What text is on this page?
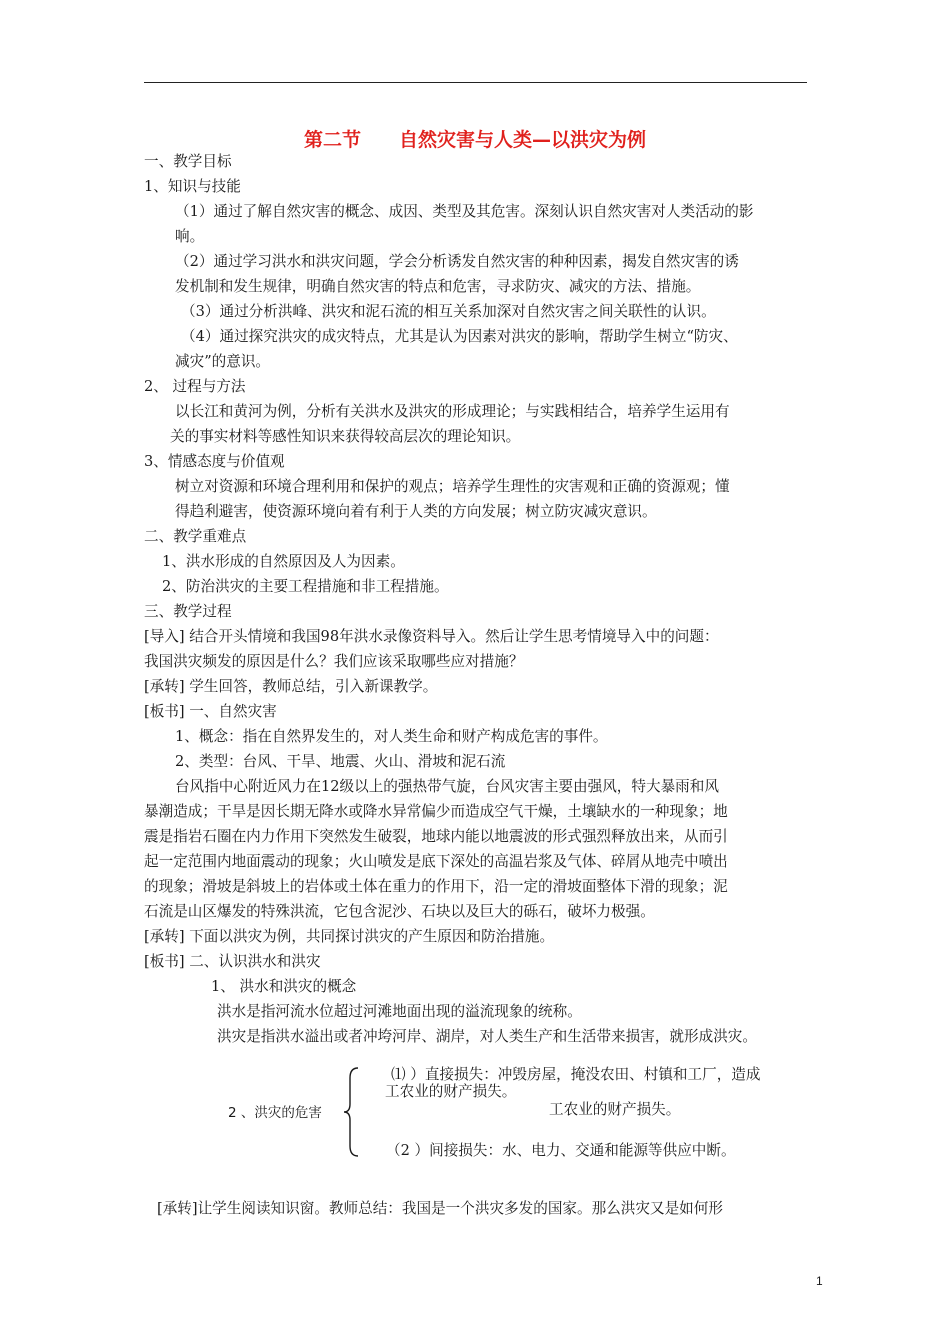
第二节　　自然灾害与人类—以洪灾为例
一、教学目标
1、知识与技能
（1）通过了解自然灾害的概念、成因、类型及其危害。深刻认识自然灾害对人类活动的影
响。
（2）通过学习洪水和洪灾问题，学会分析诱发自然灾害的种种因素，揭发自然灾害的诱
发机制和发生规律，明确自然灾害的特点和危害，寻求防灾、减灾的方法、措施。
（3）通过分析洪峰、洪灾和泥石流的相互关系加深对自然灾害之间关联性的认识。
（4）通过探究洪灾的成灾特点，尤其是认为因素对洪灾的影响，帮助学生树立“防灾、
减灾”的意识。
2、 过程与方法
以长江和黄河为例，分析有关洪水及洪灾的形成理论；与实践相结合，培养学生运用有
关的事实材料等感性知识来获得较高层次的理论知识。
3、情感态度与价值观
树立对资源和环境合理利用和保护的观点；培养学生理性的灾害观和正确的资源观；懂
得趋利避害，使资源环境向着有利于人类的方向发展；树立防灾减灾意识。
二、教学重难点
1、洪水形成的自然原因及人为因素。
2、防治洪灾的主要工程措施和非工程措施。
三、教学过程
[导入] 结合开头情境和我国98年洪水录像资料导入。然后让学生思考情境导入中的问题：
我国洪灾频发的原因是什么？我们应该采取哪些应对措施？
[承转] 学生回答，教师总结，引入新课教学。
[板书] 一、自然灾害
1、概念：指在自然界发生的，对人类生命和财产构成危害的事件。
2、类型：台风、干旱、地震、火山、滑坡和泥石流
台风指中心附近风力在12级以上的强热带气旋，台风灾害主要由强风，特大暴雨和风
暴潮造成；干旱是因长期无降水或降水异常偏少而造成空气干燥，土壤缺水的一种现象；地
震是指岩石圈在内力作用下突然发生破裂，地球内能以地震波的形式强烈释放出来，从而引
起一定范围内地面震动的现象；火山喷发是底下深处的高温岩浆及气体、碎屑从地壳中喷出
的现象；滑坡是斜坡上的岩体或土体在重力的作用下，沿一定的滑坡面整体下滑的现象；泥
石流是山区爆发的特殊洪流，它包含泥沙、石块以及巨大的砾石，破坏力极强。
[承转] 下面以洪灾为例，共同探讨洪灾的产生原因和防治措施。
[板书] 二、认识洪水和洪灾
1、 洪水和洪灾的概念
洪水是指河流水位超过河滩地面出现的溢流现象的统称。
洪灾是指洪水溢出或者冲垮河岸、湖岸，对人类生产和生活带来损害，就形成洪灾。
2 、洪灾的危害
⑴ ）直接损失：冲毁房屋，掩没农田、村镇和工厂，造成
工农业的财产损失。
工农业的财产损失。
（2 ）间接损失：水、电力、交通和能源等供应中断。
[承转]让学生阅读知识窗。教师总结：我国是一个洪灾多发的国家。那么洪灾又是如何形
1
